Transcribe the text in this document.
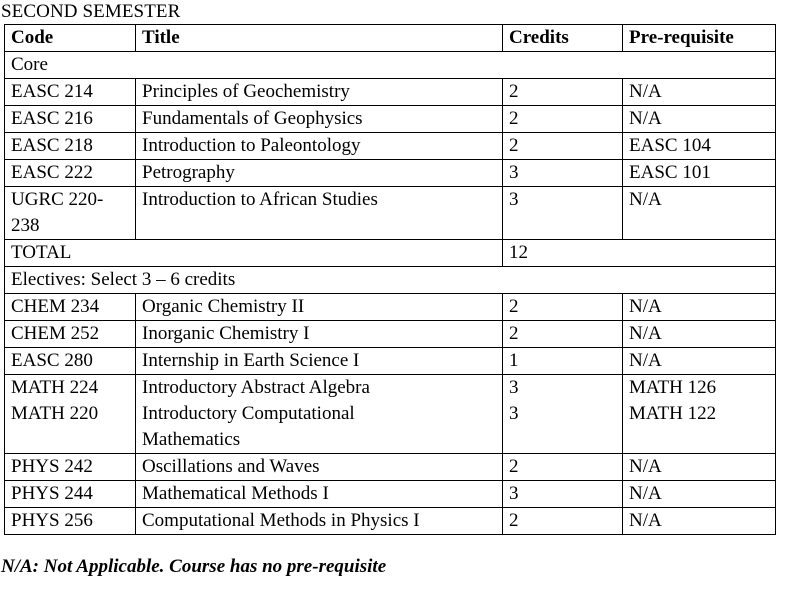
SECOND SEMESTER
Code	Title	Credits	Pre-requisite
Core			
EASC 214	Principles of Geochemistry	2	N/A
EASC 216	Fundamentals of Geophysics	2	N/A
EASC 218	Introduction to Paleontology	2	EASC 104
EASC 222	Petrography	3	EASC 101
UGRC 220-238	Introduction to African Studies	3	N/A
TOTAL		12	
Electives: Select 3 – 6 credits			
CHEM 234	Organic Chemistry II	2	N/A
CHEM 252	Inorganic Chemistry I	2	N/A
EASC 280	Internship in Earth Science I	1	N/A
MATH 224	Introductory Abstract Algebra	3	MATH 126
MATH 220	Introductory Computational Mathematics	3	MATH 122
PHYS 242	Oscillations and Waves	2	N/A
PHYS 244	Mathematical Methods I	3	N/A
PHYS 256	Computational Methods in Physics I	2	N/A
N/A: Not Applicable. Course has no pre-requisite
